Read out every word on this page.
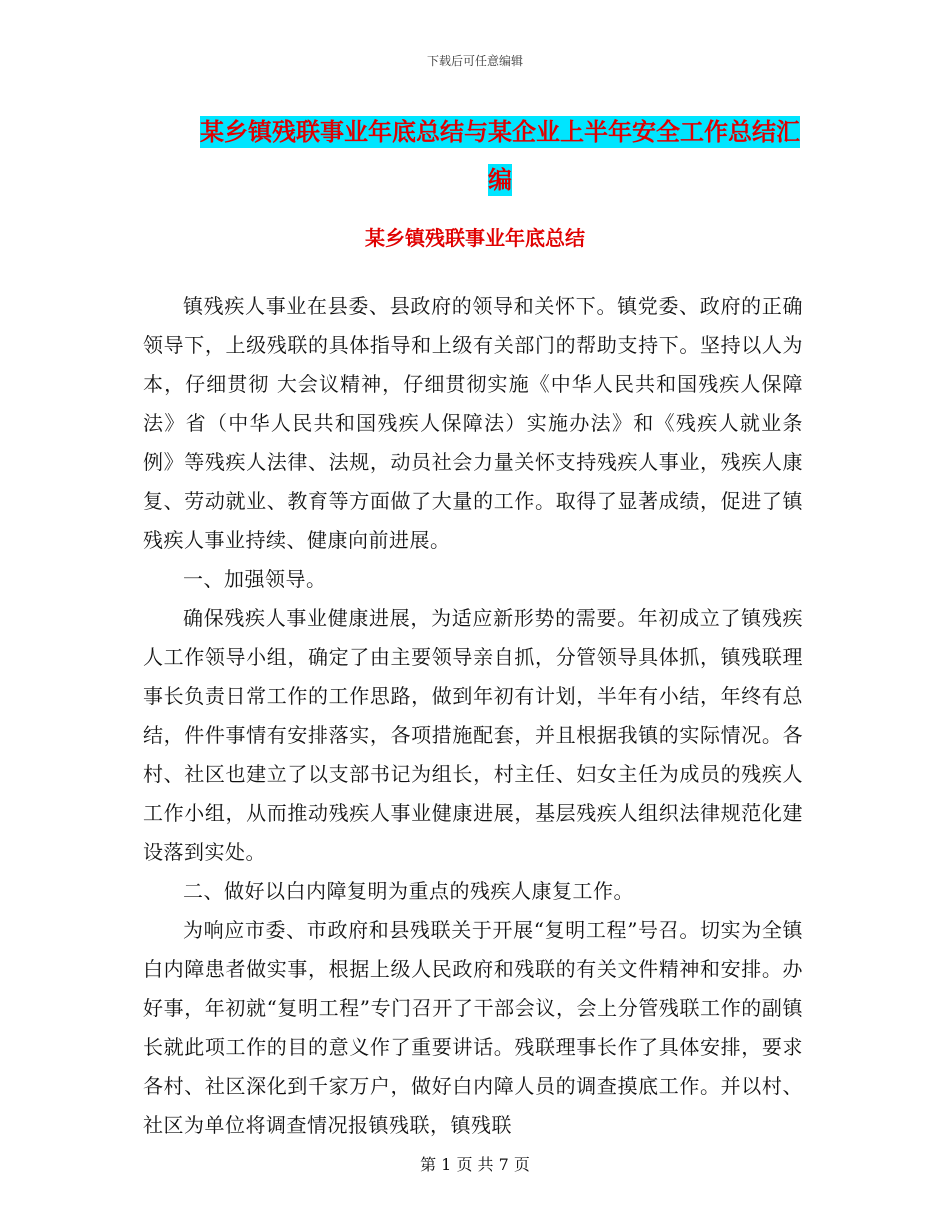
下载后可任意编辑
某乡镇残联事业年底总结与某企业上半年安全工作总结汇编
某乡镇残联事业年底总结

镇残疾人事业在县委、县政府的领导和关怀下。镇党委、政府的正确领导下，上级残联的具体指导和上级有关部门的帮助支持下。坚持以人为本，仔细贯彻 大会议精神，仔细贯彻实施《中华人民共和国残疾人保障法》省（中华人民共和国残疾人保障法）实施办法》和《残疾人就业条例》等残疾人法律、法规，动员社会力量关怀支持残疾人事业，残疾人康复、劳动就业、教育等方面做了大量的工作。取得了显著成绩，促进了镇残疾人事业持续、健康向前进展。

一、加强领导。

确保残疾人事业健康进展，为适应新形势的需要。年初成立了镇残疾人工作领导小组，确定了由主要领导亲自抓，分管领导具体抓，镇残联理事长负责日常工作的工作思路，做到年初有计划，半年有小结，年终有总结，件件事情有安排落实，各项措施配套，并且根据我镇的实际情况。各村、社区也建立了以支部书记为组长，村主任、妇女主任为成员的残疾人工作小组，从而推动残疾人事业健康进展，基层残疾人组织法律规范化建设落到实处。

二、做好以白内障复明为重点的残疾人康复工作。

为响应市委、市政府和县残联关于开展“复明工程”号召。切实为全镇白内障患者做实事，根据上级人民政府和残联的有关文件精神和安排。办好事，年初就“复明工程”专门召开了干部会议，会上分管残联工作的副镇长就此项工作的目的意义作了重要讲话。残联理事长作了具体安排，要求各村、社区深化到千家万户，做好白内障人员的调查摸底工作。并以村、社区为单位将调查情况报镇残联，镇残联

第 1 页 共 7 页
